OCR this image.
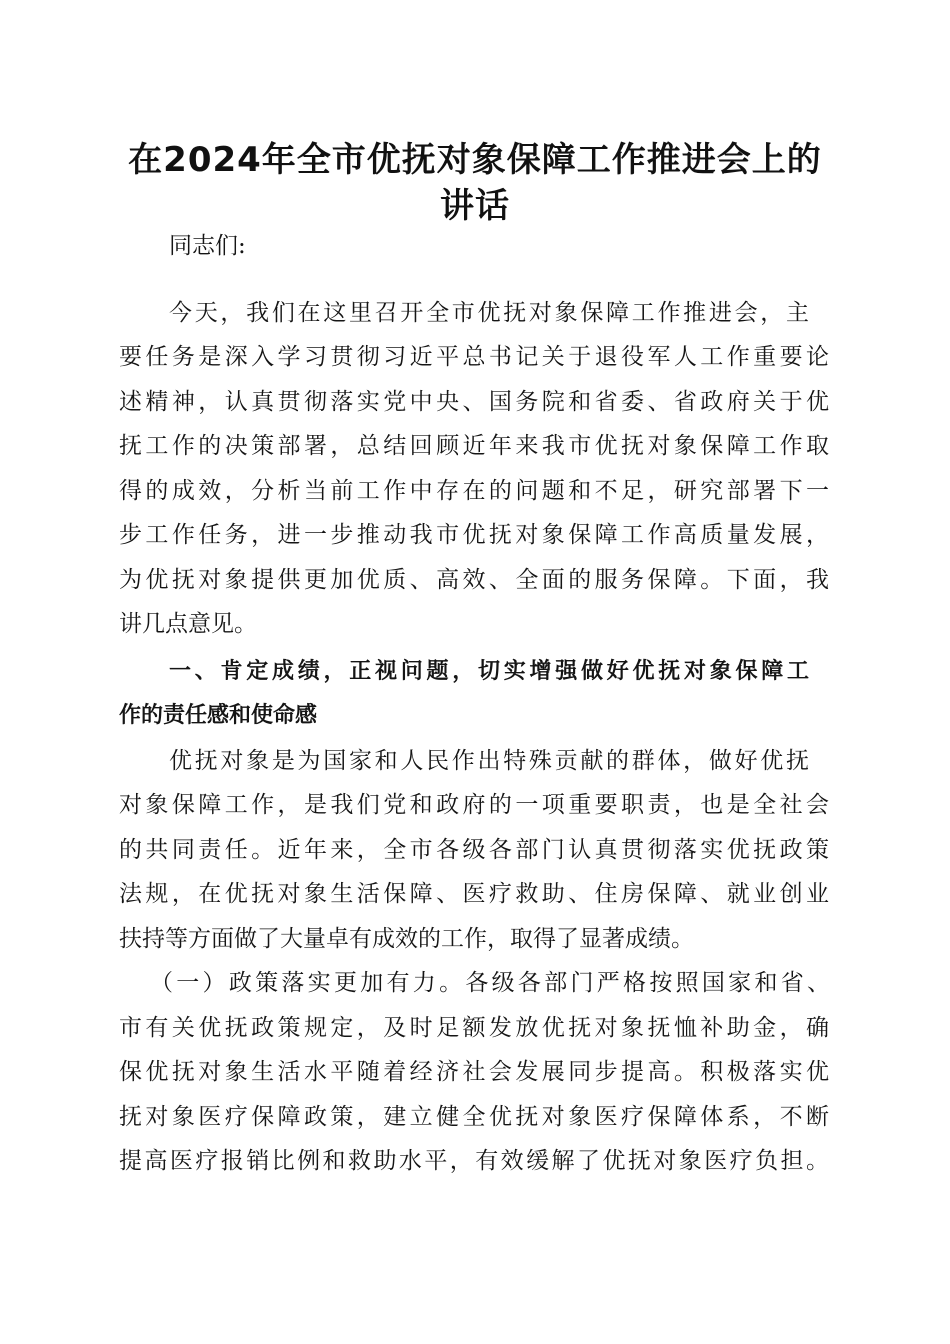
在2024年全市优抚对象保障工作推进会上的
讲话
同志们:
今天，我们在这里召开全市优抚对象保障工作推进会，主
要任务是深入学习贯彻习近平总书记关于退役军人工作重要论
述精神，认真贯彻落实党中央、国务院和省委、省政府关于优
抚工作的决策部署，总结回顾近年来我市优抚对象保障工作取
得的成效，分析当前工作中存在的问题和不足，研究部署下一
步工作任务，进一步推动我市优抚对象保障工作高质量发展，
为优抚对象提供更加优质、高效、全面的服务保障。下面，我
讲几点意见。
一、肯定成绩，正视问题，切实增强做好优抚对象保障工
作的责任感和使命感
优抚对象是为国家和人民作出特殊贡献的群体，做好优抚
对象保障工作，是我们党和政府的一项重要职责，也是全社会
的共同责任。近年来，全市各级各部门认真贯彻落实优抚政策
法规，在优抚对象生活保障、医疗救助、住房保障、就业创业
扶持等方面做了大量卓有成效的工作，取得了显著成绩。
（一）政策落实更加有力。各级各部门严格按照国家和省、
市有关优抚政策规定，及时足额发放优抚对象抚恤补助金，确
保优抚对象生活水平随着经济社会发展同步提高。积极落实优
抚对象医疗保障政策，建立健全优抚对象医疗保障体系，不断
提高医疗报销比例和救助水平，有效缓解了优抚对象医疗负担。
